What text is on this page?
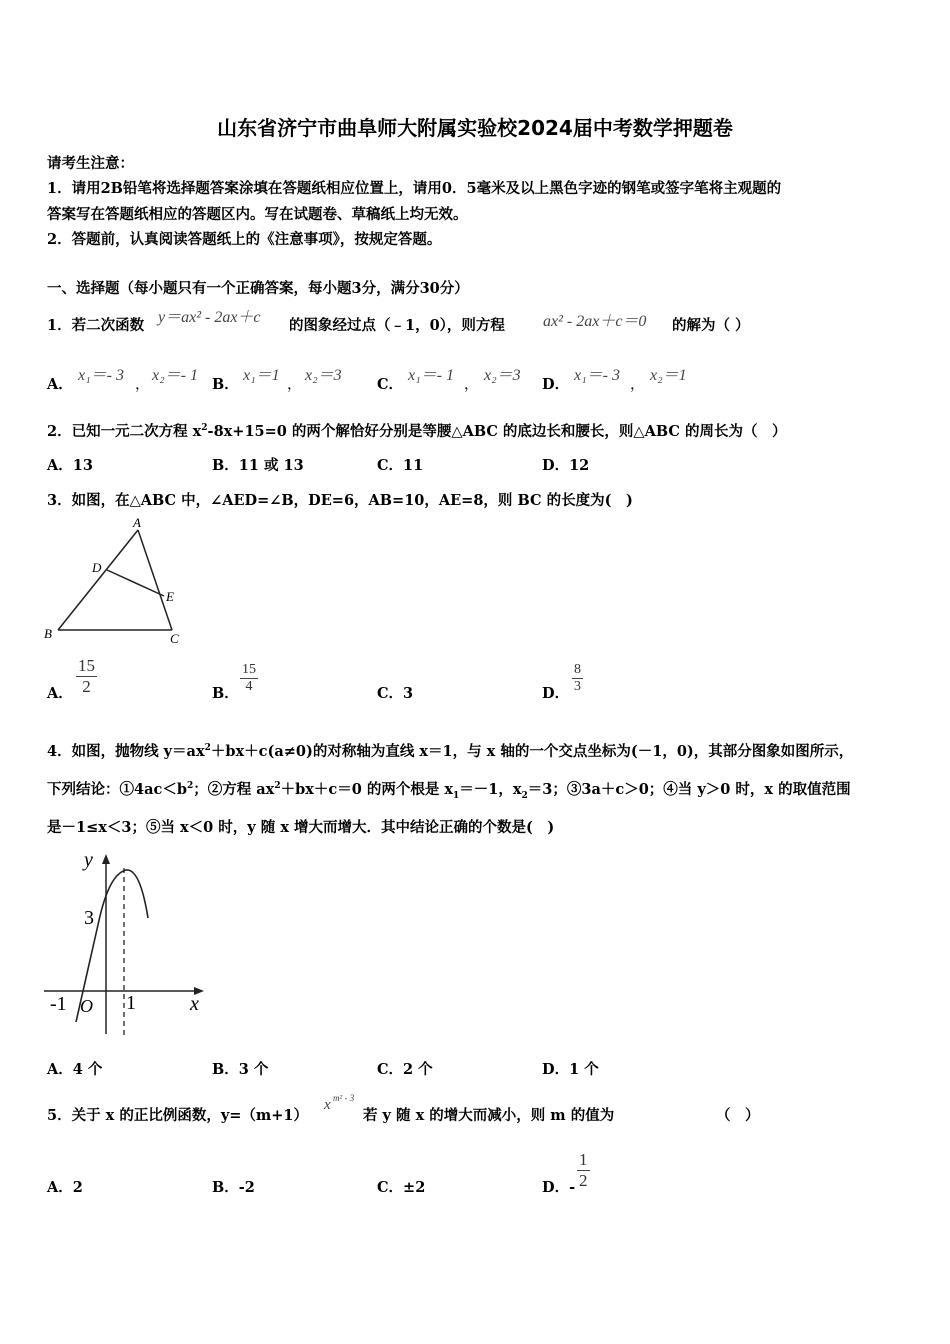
山东省济宁市曲阜师大附属实验校2024届中考数学押题卷
请考生注意：
1．请用2B铅笔将选择题答案涂填在答题纸相应位置上，请用0．5毫米及以上黑色字迹的钢笔或签字笔将主观题的
答案写在答题纸相应的答题区内。写在试题卷、草稿纸上均无效。
2．答题前，认真阅读答题纸上的《注意事项》，按规定答题。
一、选择题（每小题只有一个正确答案，每小题3分，满分30分）
1．若二次函数 y＝ax² - 2ax＋c 的图象经过点（﹣1，0），则方程 ax² - 2ax＋c＝0 的解为（ ）
A．
x₁＝- 3
，
x₂＝- 1
B．
x₁＝1
，
x₂＝3
C．
x₁＝- 1
，
x₂＝3
D．
x₁＝- 3
，
x₂＝1
2．已知一元二次方程 $x^2-8x+15=0$ 的两个解恰好分别是等腰△ABC 的底边长和腰长，则△ABC 的周长为（　）
A．13	B．11 或 13	C．11	D．12
3．如图，在△ABC 中，∠AED=∠B，DE=6，AB=10，AE=8，则 BC 的长度为(　)
A
D
E
B	C
A． $\frac{15}{2}$	B． $\frac{15}{4}$	C．3	D． $\frac{8}{3}$
4．如图，抛物线 $y=ax^2+bx+c(a\ne 0)$的对称轴为直线 x＝1，与 x 轴的一个交点坐标为(－1，0)，其部分图象如图所示，
下列结论：$①4ac<b^2$；②方程 $ax^2+bx+c=0$ 的两个根是 $x_1=-1$，$x_2=3$；③3a＋c＞0；④当 y＞0 时，x 的取值范围
是－1≤x＜3；⑤当 x＜0 时，y 随 x 增大而增大．其中结论正确的个数是(　)
y
x
3
-1 O 1
A．4 个	B．3 个	C．2 个	D．1 个
5．关于 x 的正比例函数，y=（m+1）
x m² - 3
若 y 随 x 的增大而减小，则 m 的值为	（　）
A．2	B．-2	C．±2	D．- $\frac{1}{2}$
